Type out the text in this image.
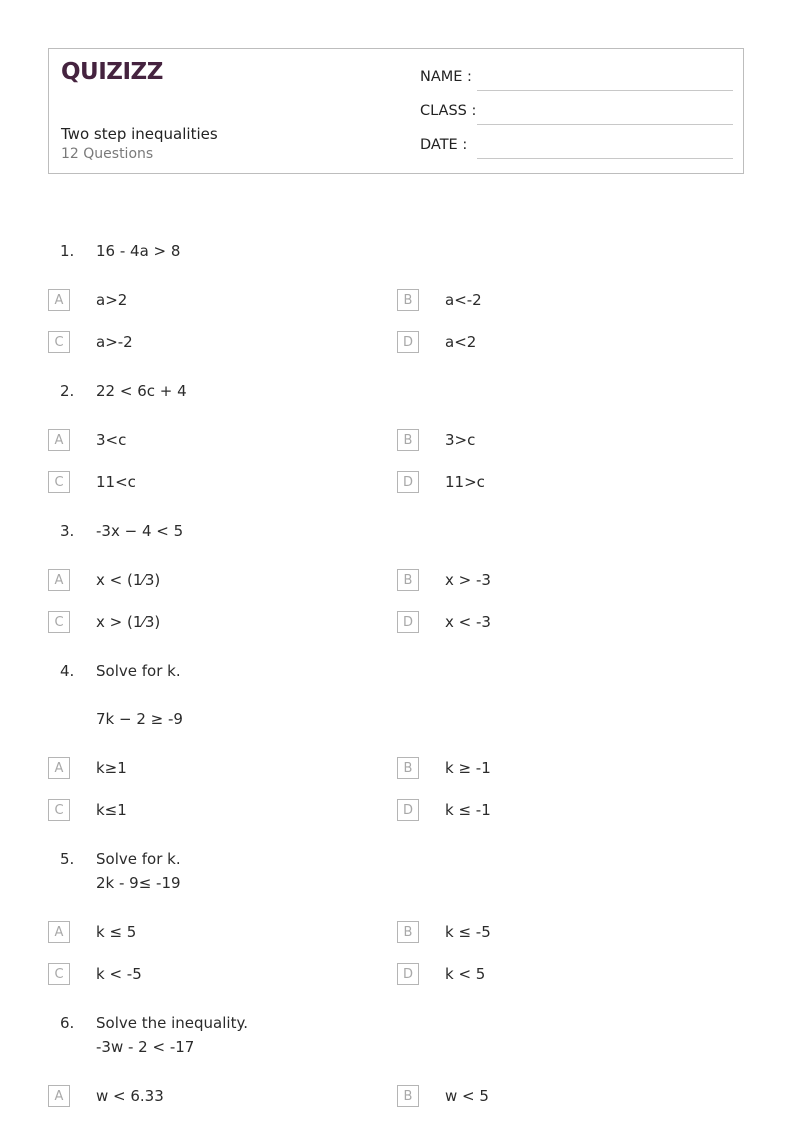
QUIZIZZ
Two step inequalities
12 Questions
NAME :
CLASS :
DATE :
1. 16 - 4a > 8
A	a>2	B	a<-2
C	a>-2	D	a<2
2. 22 < 6c + 4
A	3<c	B	3>c
C	11<c	D	11>c
3. -3x − 4 < 5
A	x < (1⁄3)	B	x > -3
C	x > (1⁄3)	D	x < -3
4. Solve for k.
7k − 2 ≥ -9
A	k≥1	B	k ≥ -1
C	k≤1	D	k ≤ -1
5. Solve for k.
2k - 9≤ -19
A	k ≤ 5	B	k ≤ -5
C	k < -5	D	k < 5
6. Solve the inequality.
-3w - 2 < -17
A	w < 6.33	B	w < 5
